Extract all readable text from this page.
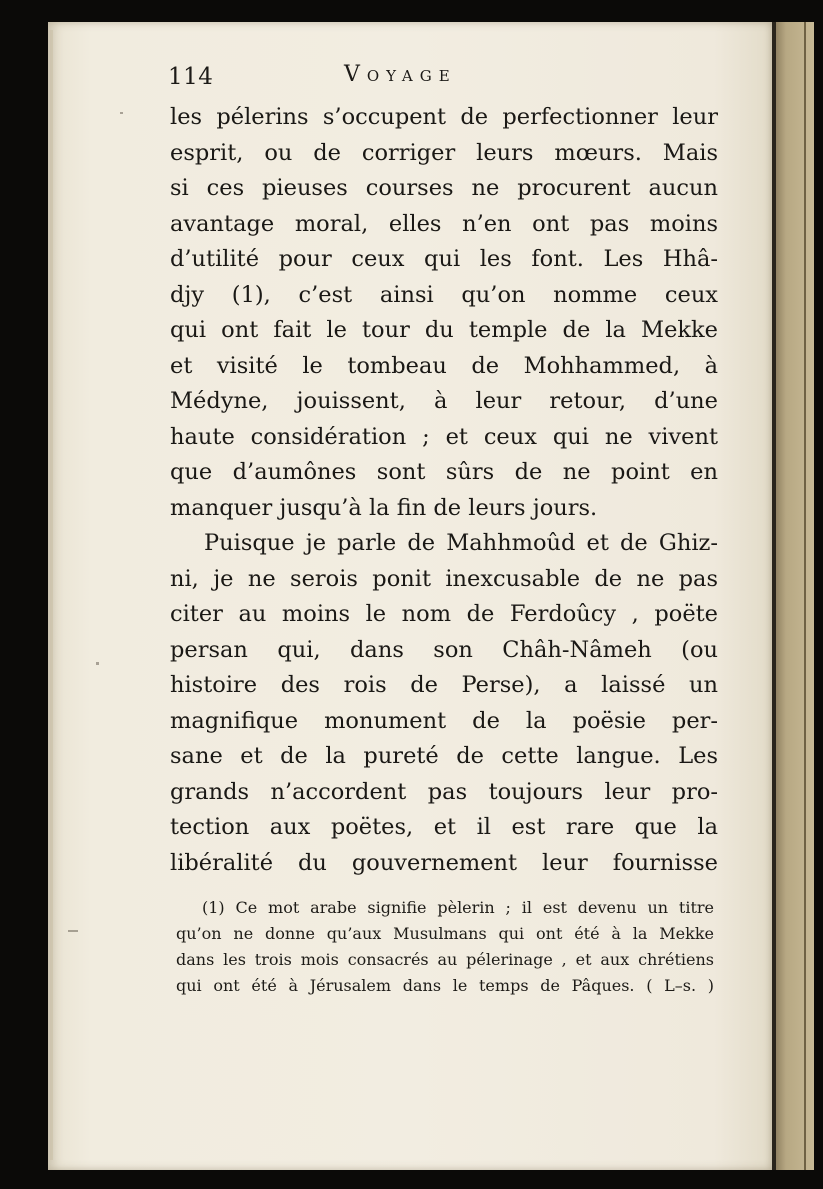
114	Voyage
les pélerins s’occupent de perfectionner leur
esprit, ou de corriger leurs mœurs. Mais
si ces pieuses courses ne procurent aucun
avantage moral, elles n’en ont pas moins
d’utilité pour ceux qui les font. Les Hhâ-
djy (1), c’est ainsi qu’on nomme ceux
qui ont fait le tour du temple de la Mekke
et visité le tombeau de Mohhammed, à
Médyne, jouissent, à leur retour, d’une
haute considération ; et ceux qui ne vivent
que d’aumônes sont sûrs de ne point en
manquer jusqu’à la fin de leurs jours.
Puisque je parle de Mahhmoûd et de Ghiz-
ni, je ne serois ponit inexcusable de ne pas
citer au moins le nom de Ferdoûcy , poëte
persan qui, dans son Châh-Nâmeh (ou
histoire des rois de Perse), a laissé un
magnifique monument de la poësie per-
sane et de la pureté de cette langue. Les
grands n’accordent pas toujours leur pro-
tection aux poëtes, et il est rare que la
libéralité du gouvernement leur fournisse
(1) Ce mot arabe signifie pèlerin ; il est devenu un titre
qu’on ne donne qu’aux Musulmans qui ont été à la Mekke
dans les trois mois consacrés au pélerinage , et aux chrétiens
qui ont été à Jérusalem dans le temps de Pâques. ( L–s. )
